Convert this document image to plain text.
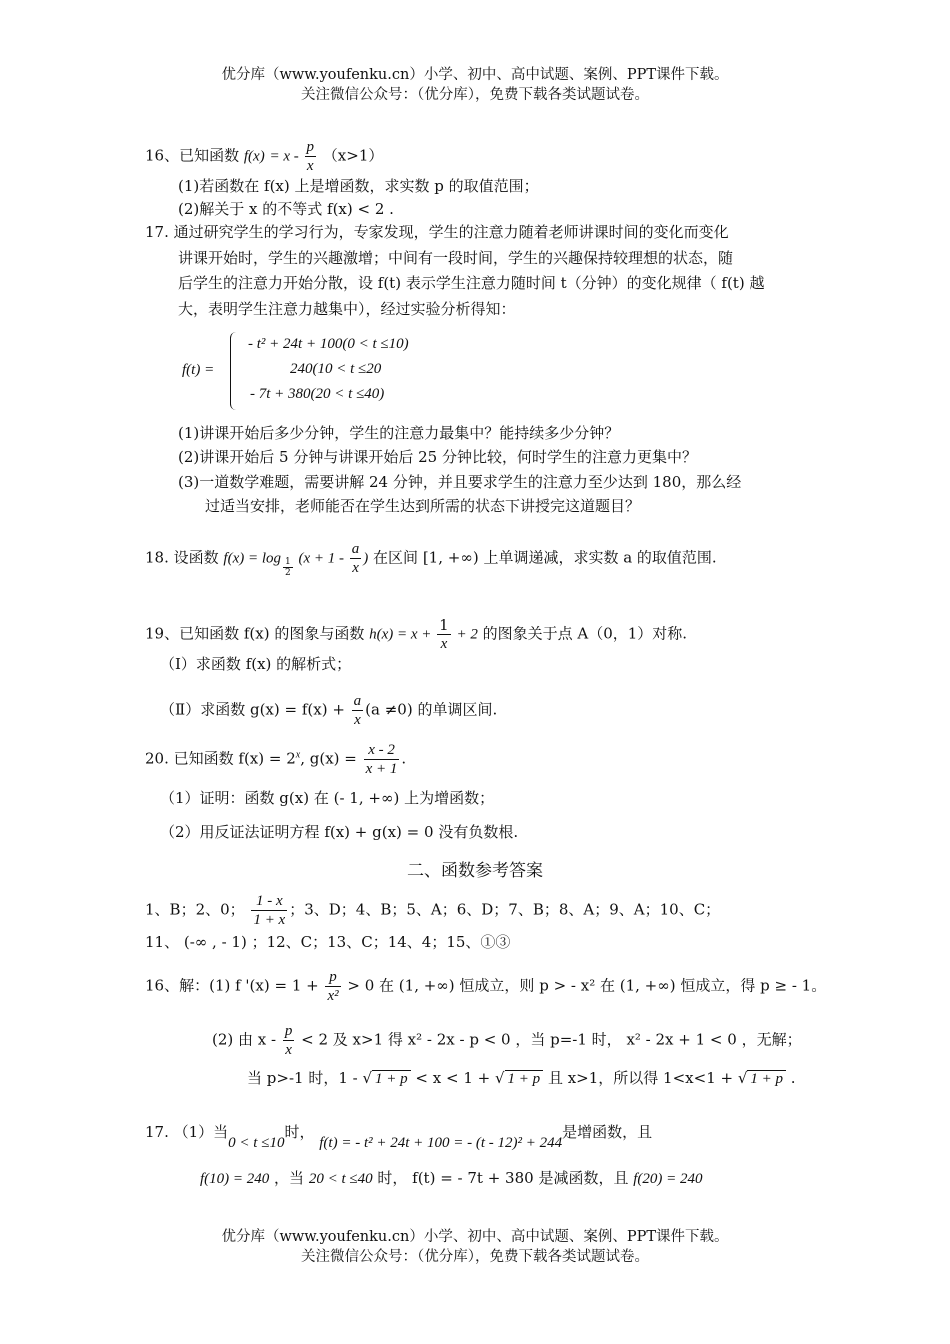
优分库（www.youfenku.cn）小学、初中、高中试题、案例、PPT课件下载。
关注微信公众号：（优分库），免费下载各类试题试卷。
16、已知函数 $f(x) = x - \frac{p}{x} (x>1)$
(1)若函数在 f(x) 上是增函数，求实数 p 的取值范围；
(2)解关于 x 的不等式 f(x) < 2 .
17. 通过研究学生的学习行为，专家发现，学生的注意力随着老师讲课时间的变化而变化
讲课开始时，学生的兴趣激增；中间有一段时间，学生的兴趣保持较理想的状态，随
后学生的注意力开始分散，设 f(t) 表示学生注意力随时间 t（分钟）的变化规律（ f(t) 越
大，表明学生注意力越集中），经过实验分析得知：
f(t) =
- t² + 24t + 100(0 < t ≤10)
240(10 < t ≤20
- 7t + 380(20 < t ≤40)
(1)讲课开始后多少分钟，学生的注意力最集中？能持续多少分钟？
(2)讲课开始后 5 分钟与讲课开始后 25 分钟比较，何时学生的注意力更集中？
(3)一道数学难题，需要讲解 24 分钟，并且要求学生的注意力至少达到 180，那么经
过适当安排，老师能否在学生达到所需的状态下讲授完这道题目？
18. 设函数 $f(x) = \log \frac{1}{2} (x + 1 - \frac{a}{x}$ ) 在区间 [1, +∞) 上单调递减，求实数 a 的取值范围.
19、已知函数 f(x) 的图象与函数 $h(x) = x + \frac{1}{x} + 2$ 的图象关于点 A（0，1）对称.
（Ⅰ）求函数 f(x) 的解析式；
（Ⅱ）求函数 $g(x) = f(x) + \frac{a}{x} (a \ne 0)$ 的单调区间.
20. 已知函数 $f(x) = 2^x$, $g(x) = \frac{x - 2}{x + 1}$ .
（1）证明：函数 g(x) 在 (- 1, +∞) 上为增函数；
（2）用反证法证明方程 f(x) + g(x) = 0 没有负数根.
二、函数参考答案
1、B；2、0； $\frac{1 - x}{1 + x}$ ；3、D；4、B；5、A；6、D；7、B；8、A；9、A；10、C；
11、 (-∞ , - 1) ；12、C；13、C；14、4；15、①③
16、解：(1) f '$(x) = 1 + \frac{p}{\text{x²}} > 0$ 在 (1, +∞) 恒成立，则 p > - x² 在 (1, +∞) 恒成立，得 p ≥ - 1。
(2) 由 $x - \frac{p}{x} < 2$ 及 x>1 得 x² - 2x - p < 0 ，当 p=-1 时， x² - 2x + 1 < 0 ，无解；
当 p>-1 时，1 - √ 1 + p < x < 1 + √ 1 + p 且 x>1，所以得 1<x<1 + √ 1 + p .
17. （1）当0 < t ≤10时， f(t) = - t² + 24t + 100 = - (t - 12)² + 244是增函数，且
f(10) = 240 ，当 20 < t ≤40 时， f(t) = - 7t + 380 是减函数，且 f(20) = 240
优分库（www.youfenku.cn）小学、初中、高中试题、案例、PPT课件下载。
关注微信公众号：（优分库），免费下载各类试题试卷。
